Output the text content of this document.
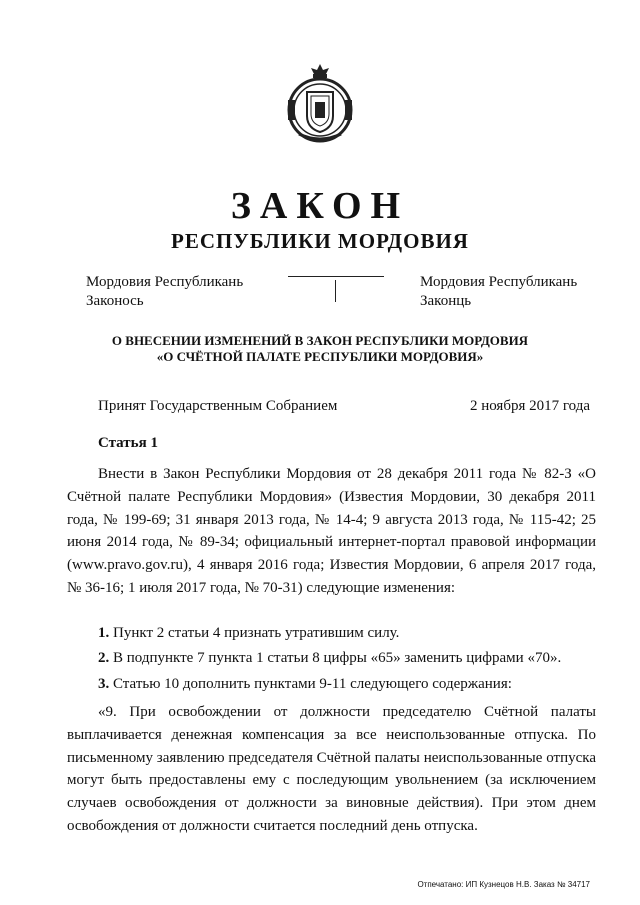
ЗАКОН
РЕСПУБЛИКИ МОРДОВИЯ
Мордовия Республикань
Законось
Мордовия Республикань
Законць
О ВНЕСЕНИИ ИЗМЕНЕНИЙ В ЗАКОН РЕСПУБЛИКИ МОРДОВИЯ
«О СЧЁТНОЙ ПАЛАТЕ РЕСПУБЛИКИ МОРДОВИЯ»
Принят Государственным Собранием	2 ноября 2017 года
Статья 1

Внести в Закон Республики Мордовия от 28 декабря 2011 года № 82-З «О Счётной палате Республики Мордовия» (Известия Мордовии, 30 декабря 2011 года, № 199-69; 31 января 2013 года, № 14-4; 9 августа 2013 года, № 115-42; 25 июня 2014 года, № 89-34; официальный интернет-портал правовой информации (www.pravo.gov.ru), 4 января 2016 года; Известия Мордовии, 6 апреля 2017 года, № 36-16; 1 июля 2017 года, № 70-31) следующие изменения:

1. Пункт 2 статьи 4 признать утратившим силу.
2. В подпункте 7 пункта 1 статьи 8 цифры «65» заменить цифрами «70».
3. Статью 10 дополнить пунктами 9-11 следующего содержания:

«9. При освобождении от должности председателю Счётной палаты выплачивается денежная компенсация за все неиспользованные отпуска. По письменному заявлению председателя Счётной палаты неиспользованные отпуска могут быть предоставлены ему с последующим увольнением (за исключением случаев освобождения от должности за виновные действия). При этом днем освобождения от должности считается последний день отпуска.

Отпечатано: ИП Кузнецов Н.В. Заказ № 34717
